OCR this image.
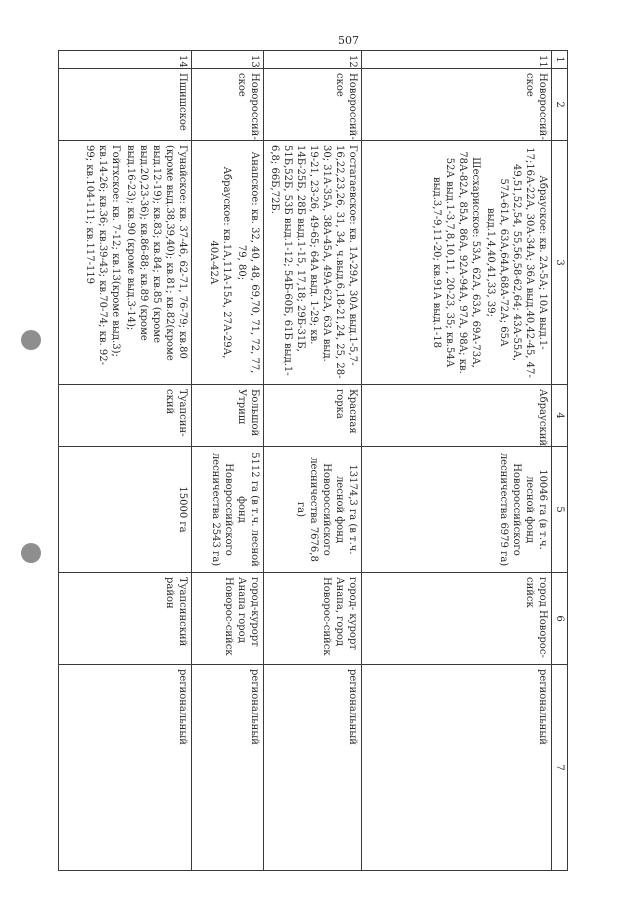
507
1	2	3	4	5	6	7
11	Новороссий-ское	Абрауское: кв. 2А-5А; 10А выд.1-17;16А-22А, 30А-34А; 36А выд.40,42-45, 47-49,51,52,54, 55,56,58-62,64; 43А-55А, 57А-61А, 63А,64А,68А-72А; 65А выд.1,4,40,41,33, 39;
Шесхарисское: 53А, 62А, 63А, 69А-73А, 78А-82А, 85А, 86А, 92А-94А, 97А, 98А; кв. 52А выд.1-3,7,8,10,11, 20-23, 35; кв.54А выд.3,7-9,11-20; кв.91А выд.1-18	Абрауский	10046 га (в т.ч. лесной фонд Новороссийского лесничества 6979 га)	город Новорос-сийск	региональный
12	Новороссий-ское	Гостагаевское: кв. 1А-29А, 30А выд.1-5,7-16,22,23,26, 31, 34, ч.выд.6,18-21,24, 25, 28-30; 31А-35А, 38А-45А, 49А-62А, 63А выд. 19-21, 23-26, 49-65; 64А выд. 1-29; кв. 14Б-25Б, 28Б выд.1-15, 17,18; 29Б-31Б, 51Б,52Б, 53Б выд.1-12; 54Б-60Б, 61Б выд.1-6,8; 66Б,72Б.	Красная горка	13174,3 га (в т.ч. лесной фонд Новороссийского лесничества 7676,8 га)	город- курорт Анапа, город Новорос-сийск	региональный
13	Новороссий-ское	Анапское: кв. 32, 40, 48, 69,70, 71, 72, 77, 79, 80;
Абрауское: кв.1А,11А-15А, 27А-29А, 40А-42А	Большой Утриш	5112 га (в т.ч. лесной фонд Новороссийского лесничества 2543 га)	город-курорт Анапа город Новорос-сийск	региональный
14	Пшишское	Гунайское: кв. 37-46, 62-71, 76-79; кв.80 (кроме выд.38,39,40); кв.81; кв.82(кроме выд.12-19); кв.83; кв.84; кв.85 (кроме выд.20,23-36); кв.86-88; кв.89 (кроме выд.16-23); кв.90 (кроме выд.3-14);
Гойтхское: кв. 7-12; кв.13(кроме выд.3); кв.14-26; кв.36; кв.39-43; кв.70-74; кв. 92-99; кв.104-111; кв.117-119	Туапсин-ский	15000 га	Туапсинский район	региональный
